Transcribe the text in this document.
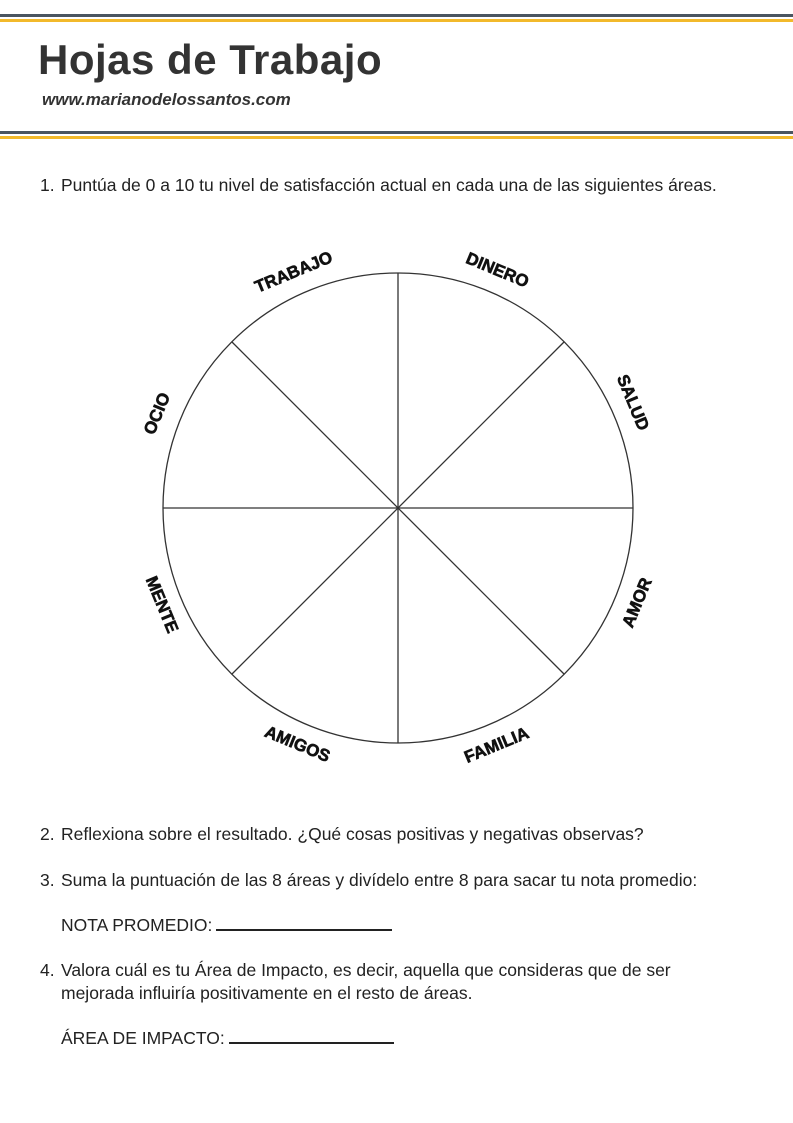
Hojas de Trabajo
www.marianodelossantos.com
1. Puntúa de 0 a 10 tu nivel de satisfacción actual en cada una de las siguientes áreas.
DINERO
SALUD
AMOR
FAMILIA
AMIGOS
MENTE
OCIO
TRABAJO
2. Reflexiona sobre el resultado. ¿Qué cosas positivas y negativas observas?
3. Suma la puntuación de las 8 áreas y divídelo entre 8 para sacar tu nota promedio:
NOTA PROMEDIO:
4. Valora cuál es tu Área de Impacto, es decir, aquella que consideras que de ser
mejorada influiría positivamente en el resto de áreas.
ÁREA DE IMPACTO:
